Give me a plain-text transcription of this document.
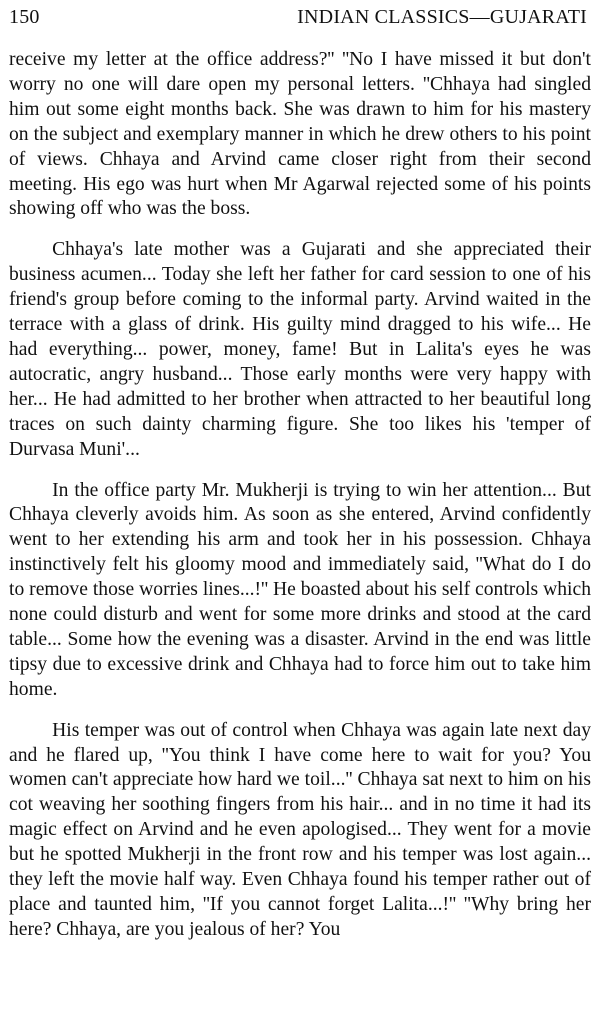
150	INDIAN CLASSICS—GUJARATI

receive my letter at the office address?'' ''No I have missed it but don't worry no one will dare open my personal letters. ''Chhaya had singled him out some eight months back. She was drawn to him for his mastery on the subject and exemplary manner in which he drew others to his point of views. Chhaya and Arvind came closer right from their second meeting. His ego was hurt when Mr Agarwal rejected some of his points showing off who was the boss.

Chhaya's late mother was a Gujarati and she appreciated their business acumen... Today she left her father for card session to one of his friend's group before coming to the informal party. Arvind waited in the terrace with a glass of drink. His guilty mind dragged to his wife... He had everything... power, money, fame! But in Lalita's eyes he was autocratic, angry husband... Those early months were very happy with her... He had admitted to her brother when attracted to her beautiful long traces on such dainty charming figure. She too likes his 'temper of Durvasa Muni'...

In the office party Mr. Mukherji is trying to win her attention... But Chhaya cleverly avoids him. As soon as she entered, Arvind confidently went to her extending his arm and took her in his possession. Chhaya instinctively felt his gloomy mood and immediately said, ''What do I do to remove those worries lines...!'' He boasted about his self controls which none could disturb and went for some more drinks and stood at the card table... Some how the evening was a disaster. Arvind in the end was little tipsy due to excessive drink and Chhaya had to force him out to take him home.

His temper was out of control when Chhaya was again late next day and he flared up, ''You think I have come here to wait for you? You women can't appreciate how hard we toil...'' Chhaya sat next to him on his cot weaving her soothing fingers from his hair... and in no time it had its magic effect on Arvind and he even apologised... They went for a movie but he spotted Mukherji in the front row and his temper was lost again... they left the movie half way. Even Chhaya found his temper rather out of place and taunted him, ''If you cannot forget Lalita...!'' ''Why bring her here? Chhaya, are you jealous of her? You
